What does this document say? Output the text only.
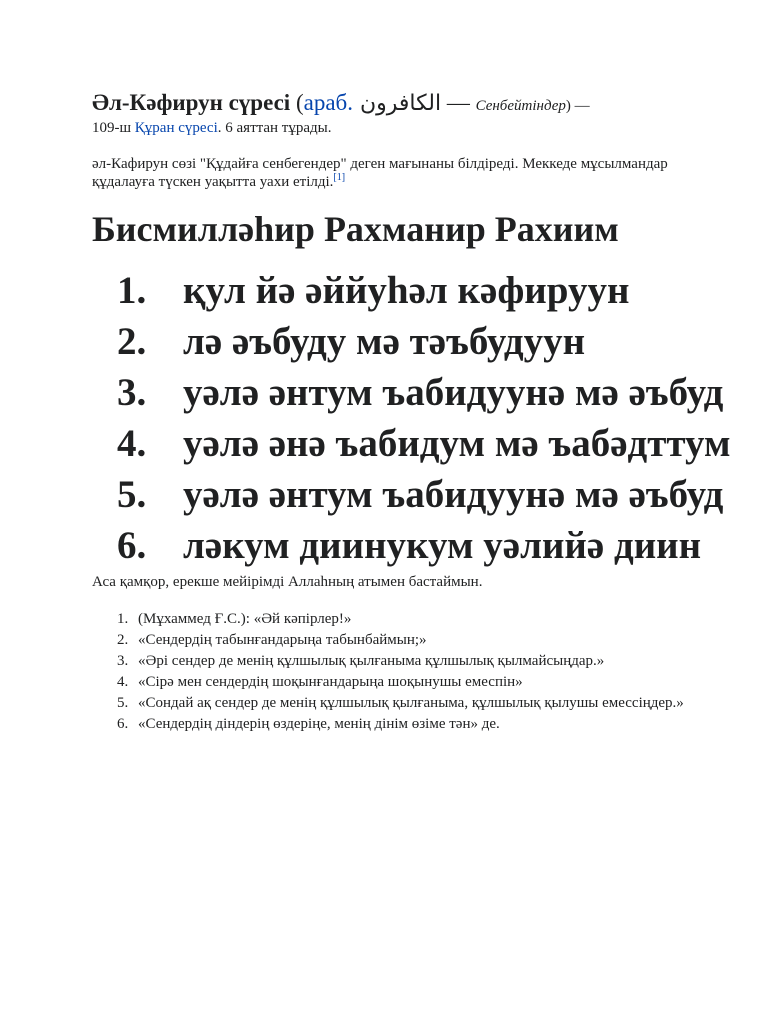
Әл-Кәфирун сүресі (араб. الكافرون — Сенбейтіндер) —
109-ш Құран сүресі. 6 аяттан тұрады.

әл-Кафирун сөзі "Құдайға сенбегендер" деген мағынаны білдіреді. Меккеде мұсылмандар құдалауға түскен уақытта уахи етілді.[1]

Бисмилләһир Рахманир Рахиим
1. қул йә әййуһәл кәфируун
2. лә әъбуду мә тәъбудуун
3. уәлә әнтум ъабидуунә мә әъбуд
4. уәлә әнә ъабидум мә ъабәдттум
5. уәлә әнтум ъабидуунә мә әъбуд
6. ләкум диинукум уәлийә диин

Аса қамқор, ерекше мейірімді Аллаһның атымен бастаймын.

1. (Мұхаммед Ғ.С.): «Әй кәпірлер!»
2. «Сендердің табынғандарыңа табынбаймын;»
3. «Әрі сендер де менің құлшылық қылғаныма құлшылық қылмайсыңдар.»
4. «Сірә мен сендердің шоқынғандарыңа шоқынушы емеспін»
5. «Сондай ақ сендер де менің құлшылық қылғаныма, құлшылық қылушы емессіңдер.»
6. «Сендердің діндерің өздеріңе, менің дінім өзіме тән» де.
